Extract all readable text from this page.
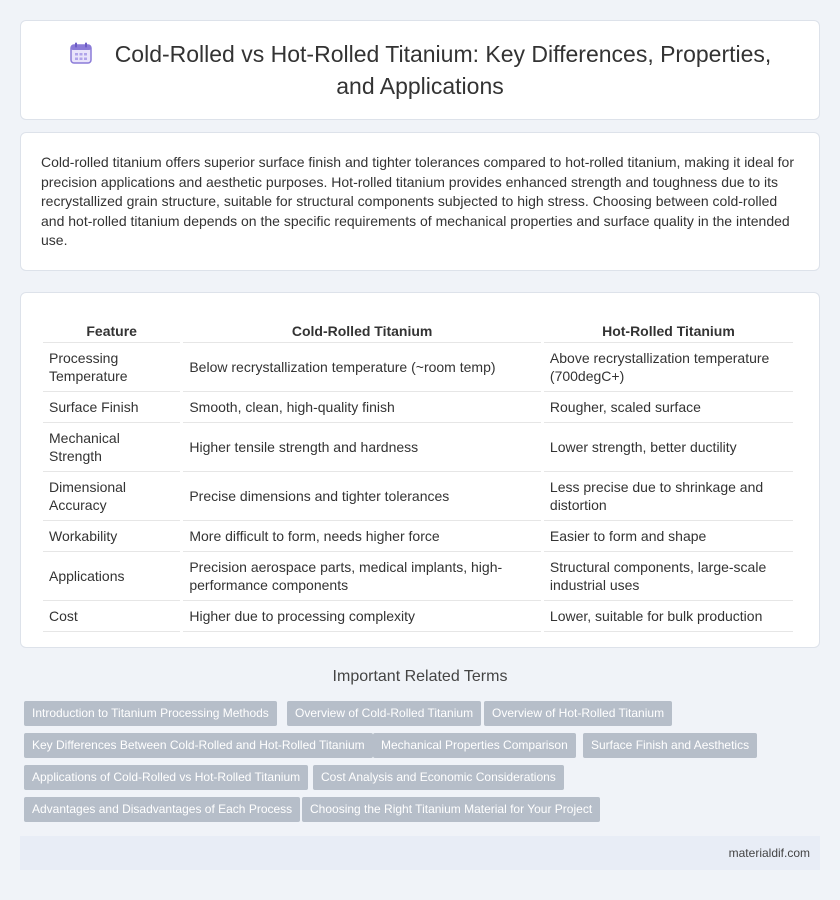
Cold-Rolled vs Hot-Rolled Titanium: Key Differences, Properties,
and Applications

Cold-rolled titanium offers superior surface finish and tighter tolerances compared to hot-rolled titanium, making it ideal for precision applications and aesthetic purposes. Hot-rolled titanium provides enhanced strength and toughness due to its recrystallized grain structure, suitable for structural components subjected to high stress. Choosing between cold-rolled and hot-rolled titanium depends on the specific requirements of mechanical properties and surface quality in the intended use.

Feature	Cold-Rolled Titanium	Hot-Rolled Titanium
Processing Temperature	Below recrystallization temperature (~room temp)	Above recrystallization temperature (700degC+)
Surface Finish	Smooth, clean, high-quality finish	Rougher, scaled surface
Mechanical Strength	Higher tensile strength and hardness	Lower strength, better ductility
Dimensional Accuracy	Precise dimensions and tighter tolerances	Less precise due to shrinkage and distortion
Workability	More difficult to form, needs higher force	Easier to form and shape
Applications	Precision aerospace parts, medical implants, high-performance components	Structural components, large-scale industrial uses
Cost	Higher due to processing complexity	Lower, suitable for bulk production
Important Related Terms
Introduction to Titanium Processing Methods	Overview of Cold-Rolled Titanium	Overview of Hot-Rolled Titanium
Key Differences Between Cold-Rolled and Hot-Rolled Titanium	Mechanical Properties Comparison	Surface Finish and Aesthetics
Applications of Cold-Rolled vs Hot-Rolled Titanium	Cost Analysis and Economic Considerations
Advantages and Disadvantages of Each Process	Choosing the Right Titanium Material for Your Project
materialdif.com
